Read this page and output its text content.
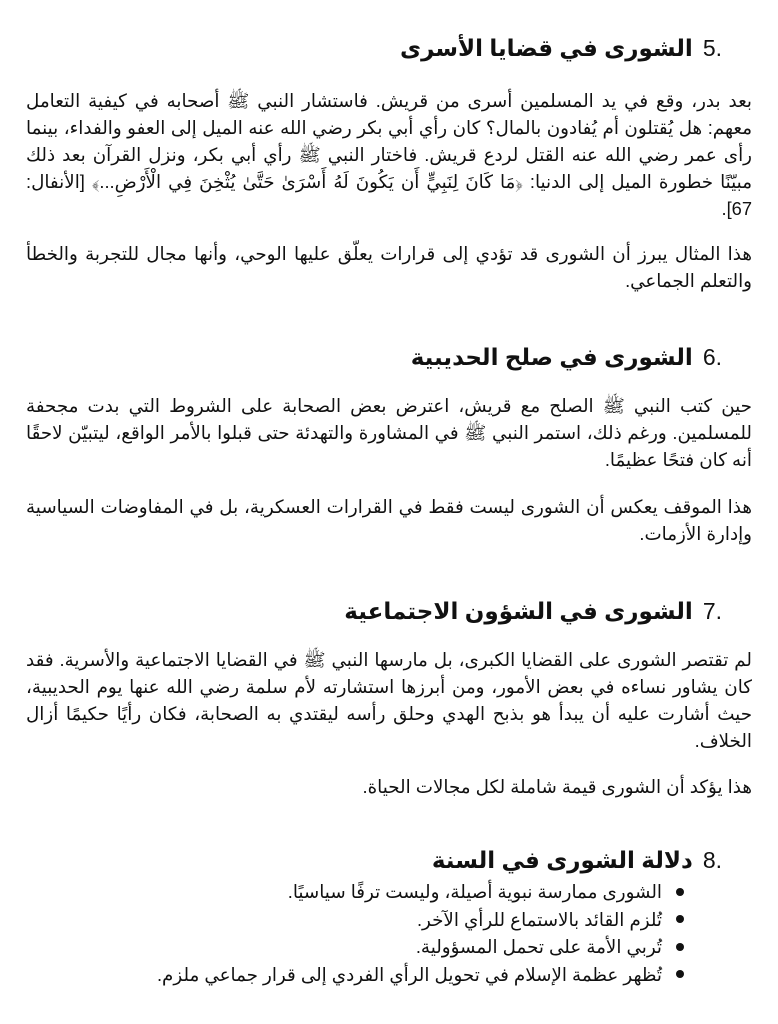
5.
الشورى في قضايا الأسرى

بعد بدر، وقع في يد المسلمين أسرى من قريش. فاستشار النبي ﷺ أصحابه في كيفية التعامل معهم: هل يُقتلون أم يُفادون بالمال؟ كان رأي أبي بكر رضي الله عنه الميل إلى العفو والفداء، بينما رأى عمر رضي الله عنه القتل لردع قريش. فاختار النبي ﷺ رأي أبي بكر، ونزل القرآن بعد ذلك مبيّنًا خطورة الميل إلى الدنيا: ﴿مَا كَانَ لِنَبِيٍّ أَن يَكُونَ لَهُ أَسْرَىٰ حَتَّىٰ يُثْخِنَ فِي الْأَرْضِ...﴾ [الأنفال: 67].

هذا المثال يبرز أن الشورى قد تؤدي إلى قرارات يعلّق عليها الوحي، وأنها مجال للتجربة والخطأ والتعلم الجماعي.

6.
الشورى في صلح الحديبية

حين كتب النبي ﷺ الصلح مع قريش، اعترض بعض الصحابة على الشروط التي بدت مجحفة للمسلمين. ورغم ذلك، استمر النبي ﷺ في المشاورة والتهدئة حتى قبلوا بالأمر الواقع، ليتبيّن لاحقًا أنه كان فتحًا عظيمًا.

هذا الموقف يعكس أن الشورى ليست فقط في القرارات العسكرية، بل في المفاوضات السياسية وإدارة الأزمات.

7.
الشورى في الشؤون الاجتماعية

لم تقتصر الشورى على القضايا الكبرى، بل مارسها النبي ﷺ في القضايا الاجتماعية والأسرية. فقد كان يشاور نساءه في بعض الأمور، ومن أبرزها استشارته لأم سلمة رضي الله عنها يوم الحديبية، حيث أشارت عليه أن يبدأ هو بذبح الهدي وحلق رأسه ليقتدي به الصحابة، فكان رأيًا حكيمًا أزال الخلاف.

هذا يؤكد أن الشورى قيمة شاملة لكل مجالات الحياة.

8.
دلالة الشورى في السنة
الشورى ممارسة نبوية أصيلة، وليست ترفًا سياسيًا.
تُلزم القائد بالاستماع للرأي الآخر.
تُربي الأمة على تحمل المسؤولية.
تُظهر عظمة الإسلام في تحويل الرأي الفردي إلى قرار جماعي ملزم.
